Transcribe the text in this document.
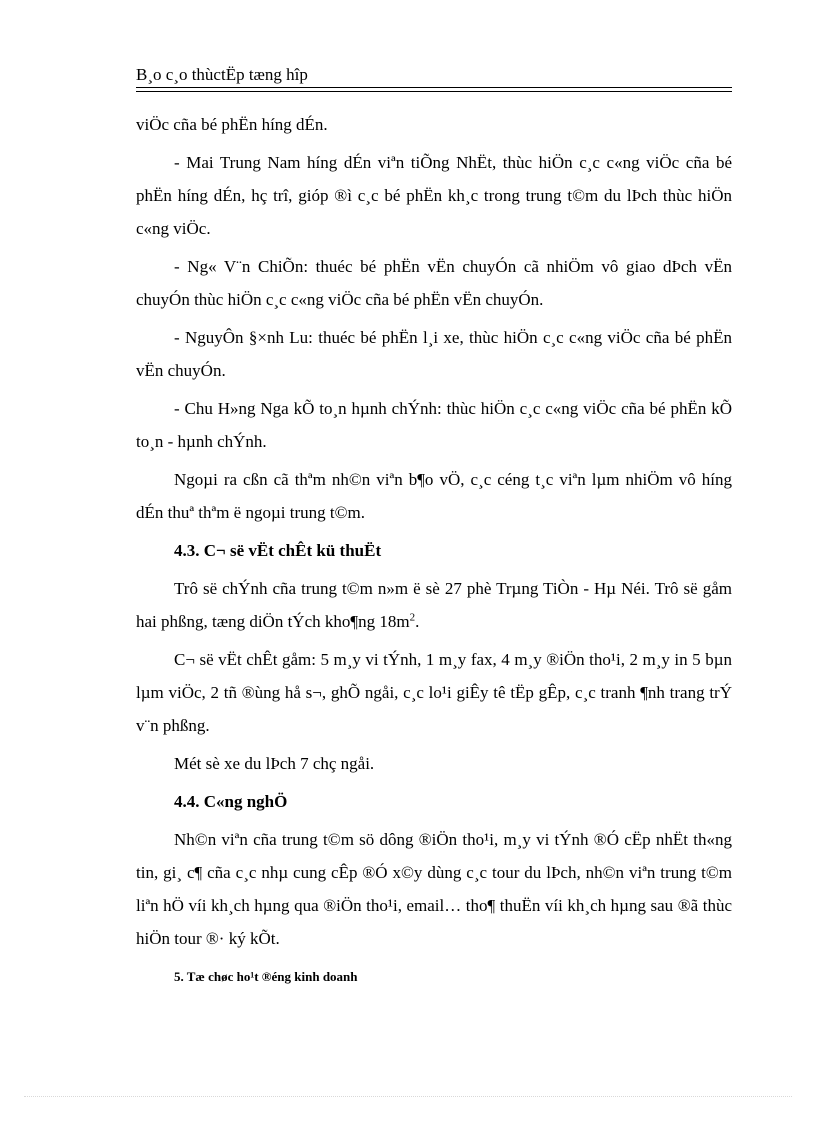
B¸o c¸o thùctËp tæng hîp

viÖc cña bé phËn híng dÉn.

- Mai Trung Nam híng dÉn viªn tiÕng NhËt, thùc hiÖn c¸c c«ng viÖc cña bé phËn híng dÉn, hç trî, gióp ®ì c¸c bé phËn kh¸c trong trung t©m du lÞch thùc hiÖn c«ng viÖc.

- Ng« V¨n ChiÕn: thuéc bé phËn vËn chuyÓn cã nhiÖm vô giao dÞch vËn chuyÓn thùc hiÖn c¸c c«ng viÖc cña bé phËn vËn chuyÓn.

- NguyÔn §×nh Lu: thuéc bé phËn l¸i xe, thùc hiÖn c¸c c«ng viÖc cña bé phËn vËn chuyÓn.

- Chu H»ng Nga kÕ to¸n hµnh chÝnh: thùc hiÖn c¸c c«ng viÖc cña bé phËn kÕ to¸n - hµnh chÝnh.

Ngoµi ra cßn cã thªm nh©n viªn b¶o vÖ, c¸c céng t¸c viªn lµm nhiÖm vô híng dÉn thuª thªm ë ngoµi trung t©m.

4.3. C¬ së vËt chÊt kü thuËt

Trô së chÝnh cña trung t©m n»m ë sè 27 phè Trµng TiÒn - Hµ Néi. Trô së gåm hai phßng, tæng diÖn tÝch kho¶ng $18m^2$.

C¬ së vËt chÊt gåm: 5 m¸y vi tÝnh, 1 m¸y fax, 4 m¸y ®iÖn tho¹i, 2 m¸y in 5 bµn lµm viÖc, 2 tñ ®ùng hå s¬, ghÕ ngåi, c¸c lo¹i giÊy tê tËp gÊp, c¸c tranh ¶nh trang trÝ v¨n phßng.

Mét sè xe du lÞch 7 chç ngåi.

4.4. C«ng nghÖ

Nh©n viªn cña trung t©m sö dông ®iÖn tho¹i, m¸y vi tÝnh ®Ó cËp nhËt th«ng tin, gi¸ c¶ cña c¸c nhµ cung cÊp ®Ó x©y dùng c¸c tour du lÞch, nh©n viªn trung t©m liªn hÖ víi kh¸ch hµng qua ®iÖn tho¹i, email… tho¶ thuËn víi kh¸ch hµng sau ®ã thùc hiÖn tour ®· ký kÕt.

5. Tæ chøc ho¹t ®éng kinh doanh
